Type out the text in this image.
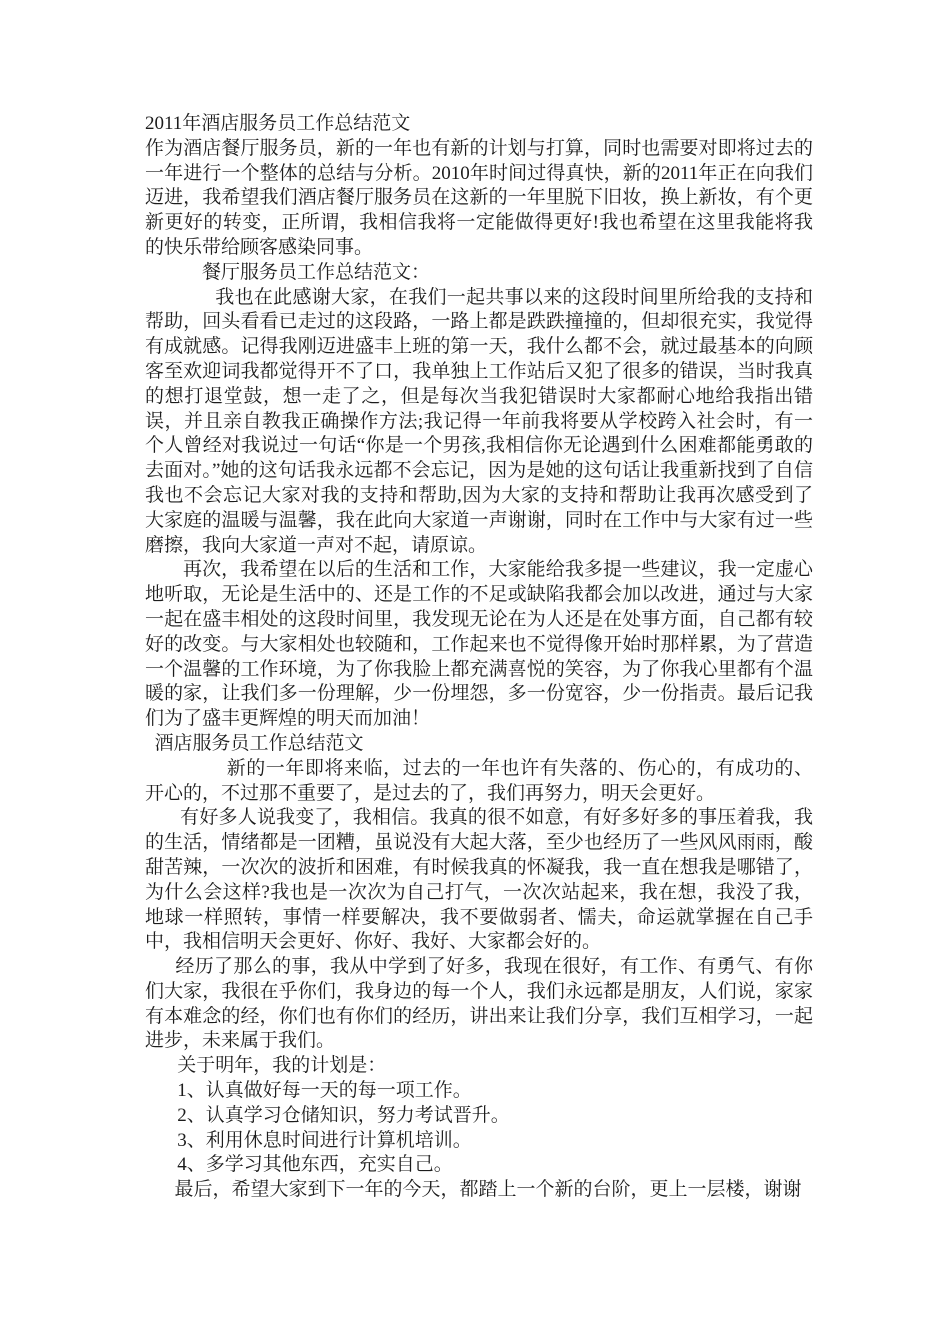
2011年酒店服务员工作总结范文

作为酒店餐厅服务员，新的一年也有新的计划与打算，同时也需要对即将过去的一年进行一个整体的总结与分析。2010年时间过得真快，新的2011年正在向我们迈进，我希望我们酒店餐厅服务员在这新的一年里脱下旧妆，换上新妆，有个更新更好的转变，正所谓，我相信我将一定能做得更好!我也希望在这里我能将我的快乐带给顾客感染同事。

餐厅服务员工作总结范文：

我也在此感谢大家，在我们一起共事以来的这段时间里所给我的支持和帮助，回头看看已走过的这段路，一路上都是跌跌撞撞的，但却很充实，我觉得有成就感。记得我刚迈进盛丰上班的第一天，我什么都不会，就过最基本的向顾客至欢迎词我都觉得开不了口，我单独上工作站后又犯了很多的错误，当时我真的想打退堂鼓，想一走了之，但是每次当我犯错误时大家都耐心地给我指出错误，并且亲自教我正确操作方法;我记得一年前我将要从学校跨入社会时，有一个人曾经对我说过一句话“你是一个男孩,我相信你无论遇到什么困难都能勇敢的去面对。”她的这句话我永远都不会忘记，因为是她的这句话让我重新找到了自信我也不会忘记大家对我的支持和帮助,因为大家的支持和帮助让我再次感受到了大家庭的温暖与温馨，我在此向大家道一声谢谢，同时在工作中与大家有过一些磨擦，我向大家道一声对不起，请原谅。

再次，我希望在以后的生活和工作，大家能给我多提一些建议，我一定虚心地听取，无论是生活中的、还是工作的不足或缺陷我都会加以改进，通过与大家一起在盛丰相处的这段时间里，我发现无论在为人还是在处事方面，自己都有较好的改变。与大家相处也较随和，工作起来也不觉得像开始时那样累，为了营造一个温馨的工作环境，为了你我脸上都充满喜悦的笑容，为了你我心里都有个温暖的家，让我们多一份理解，少一份埋怨，多一份宽容，少一份指责。最后记我们为了盛丰更辉煌的明天而加油！

酒店服务员工作总结范文

新的一年即将来临，过去的一年也许有失落的、伤心的，有成功的、开心的，不过那不重要了，是过去的了，我们再努力，明天会更好。

有好多人说我变了，我相信。我真的很不如意，有好多好多的事压着我，我的生活，情绪都是一团糟，虽说没有大起大落，至少也经历了一些风风雨雨，酸甜苦辣，一次次的波折和困难，有时候我真的怀凝我，我一直在想我是哪错了，为什么会这样?我也是一次次为自己打气，一次次站起来，我在想，我没了我，地球一样照转，事情一样要解决，我不要做弱者、懦夫，命运就掌握在自己手中，我相信明天会更好、你好、我好、大家都会好的。

经历了那么的事，我从中学到了好多，我现在很好，有工作、有勇气、有你们大家，我很在乎你们，我身边的每一个人，我们永远都是朋友，人们说，家家有本难念的经，你们也有你们的经历，讲出来让我们分享，我们互相学习，一起进步，未来属于我们。

关于明年，我的计划是：

1、认真做好每一天的每一项工作。

2、认真学习仓储知识，努力考试晋升。

3、利用休息时间进行计算机培训。

4、多学习其他东西，充实自己。

最后，希望大家到下一年的今天，都踏上一个新的台阶，更上一层楼，谢谢
